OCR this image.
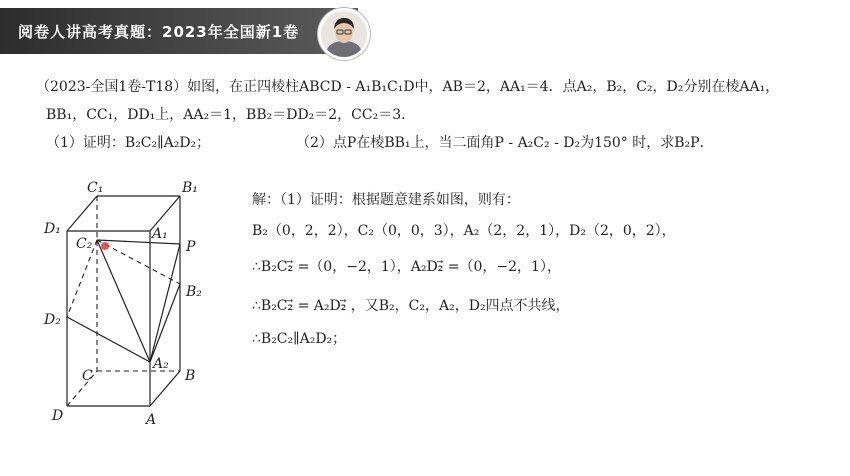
阅卷人讲高考真题：2023年全国新1卷
（2023-全国1卷-T18）如图，在正四棱柱ABCD - A₁B₁C₁D中，AB＝2，AA₁＝4．点A₂，B₂，C₂，D₂分别在棱AA₁，
BB₁，CC₁，DD₁上，AA₂＝1，BB₂＝DD₂＝2，CC₂＝3．
（1）证明：B₂C₂∥A₂D₂；	（2）点P在棱BB₁上，当二面角P - A₂C₂ - D₂为150° 时，求B₂P．
解：（1）证明：根据题意建系如图，则有：
B₂（0，2，2），C₂（0，0，3），A₂（2，2，1），D₂（2，0，2），
∴B₂C₂⃗ =（0，−2，1），A₂D₂⃗ =（0，−2，1），
∴B₂C₂⃗ = A₂D₂⃗ ，又B₂，C₂，A₂，D₂四点不共线，
∴B₂C₂∥A₂D₂；
C₁	B₁
D₁	A₁
C₂	P
B₂
D₂
A₂
C	B
D	A
